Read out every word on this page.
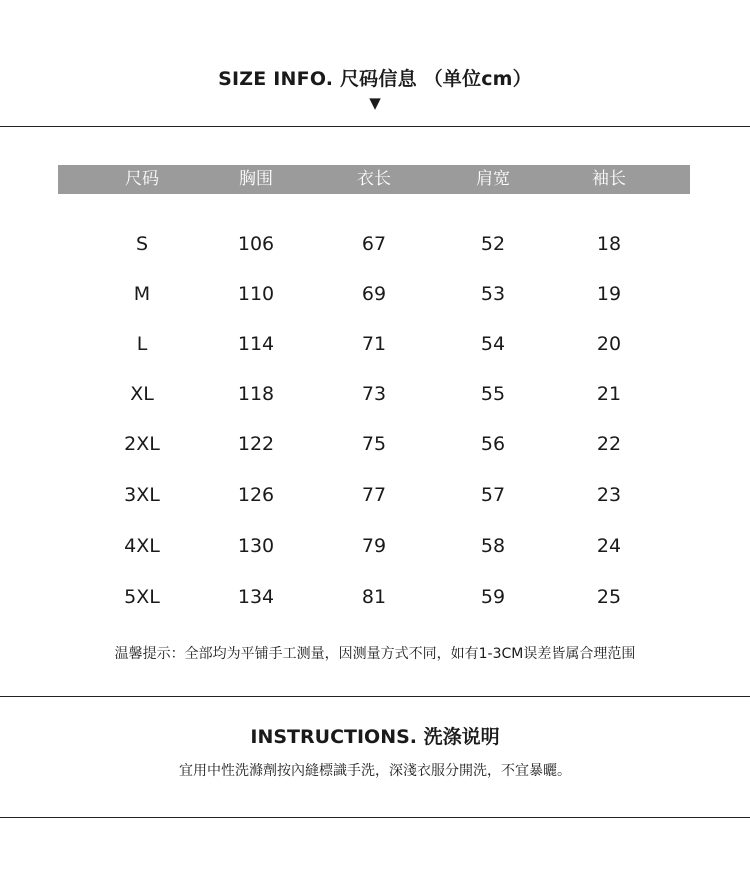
SIZE INFO. 尺码信息 （单位cm）
▼
尺码	胸围	衣长	肩宽	袖长
S	106	67	52	18
M	110	69	53	19
L	114	71	54	20
XL	118	73	55	21
2XL	122	75	56	22
3XL	126	77	57	23
4XL	130	79	58	24
5XL	134	81	59	25
温馨提示：全部均为平铺手工测量，因测量方式不同，如有1-3CM误差皆属合理范围
INSTRUCTIONS. 洗涤说明
宜用中性洗滌劑按內縫標識手洗，深淺衣服分開洗，不宜暴曬。
